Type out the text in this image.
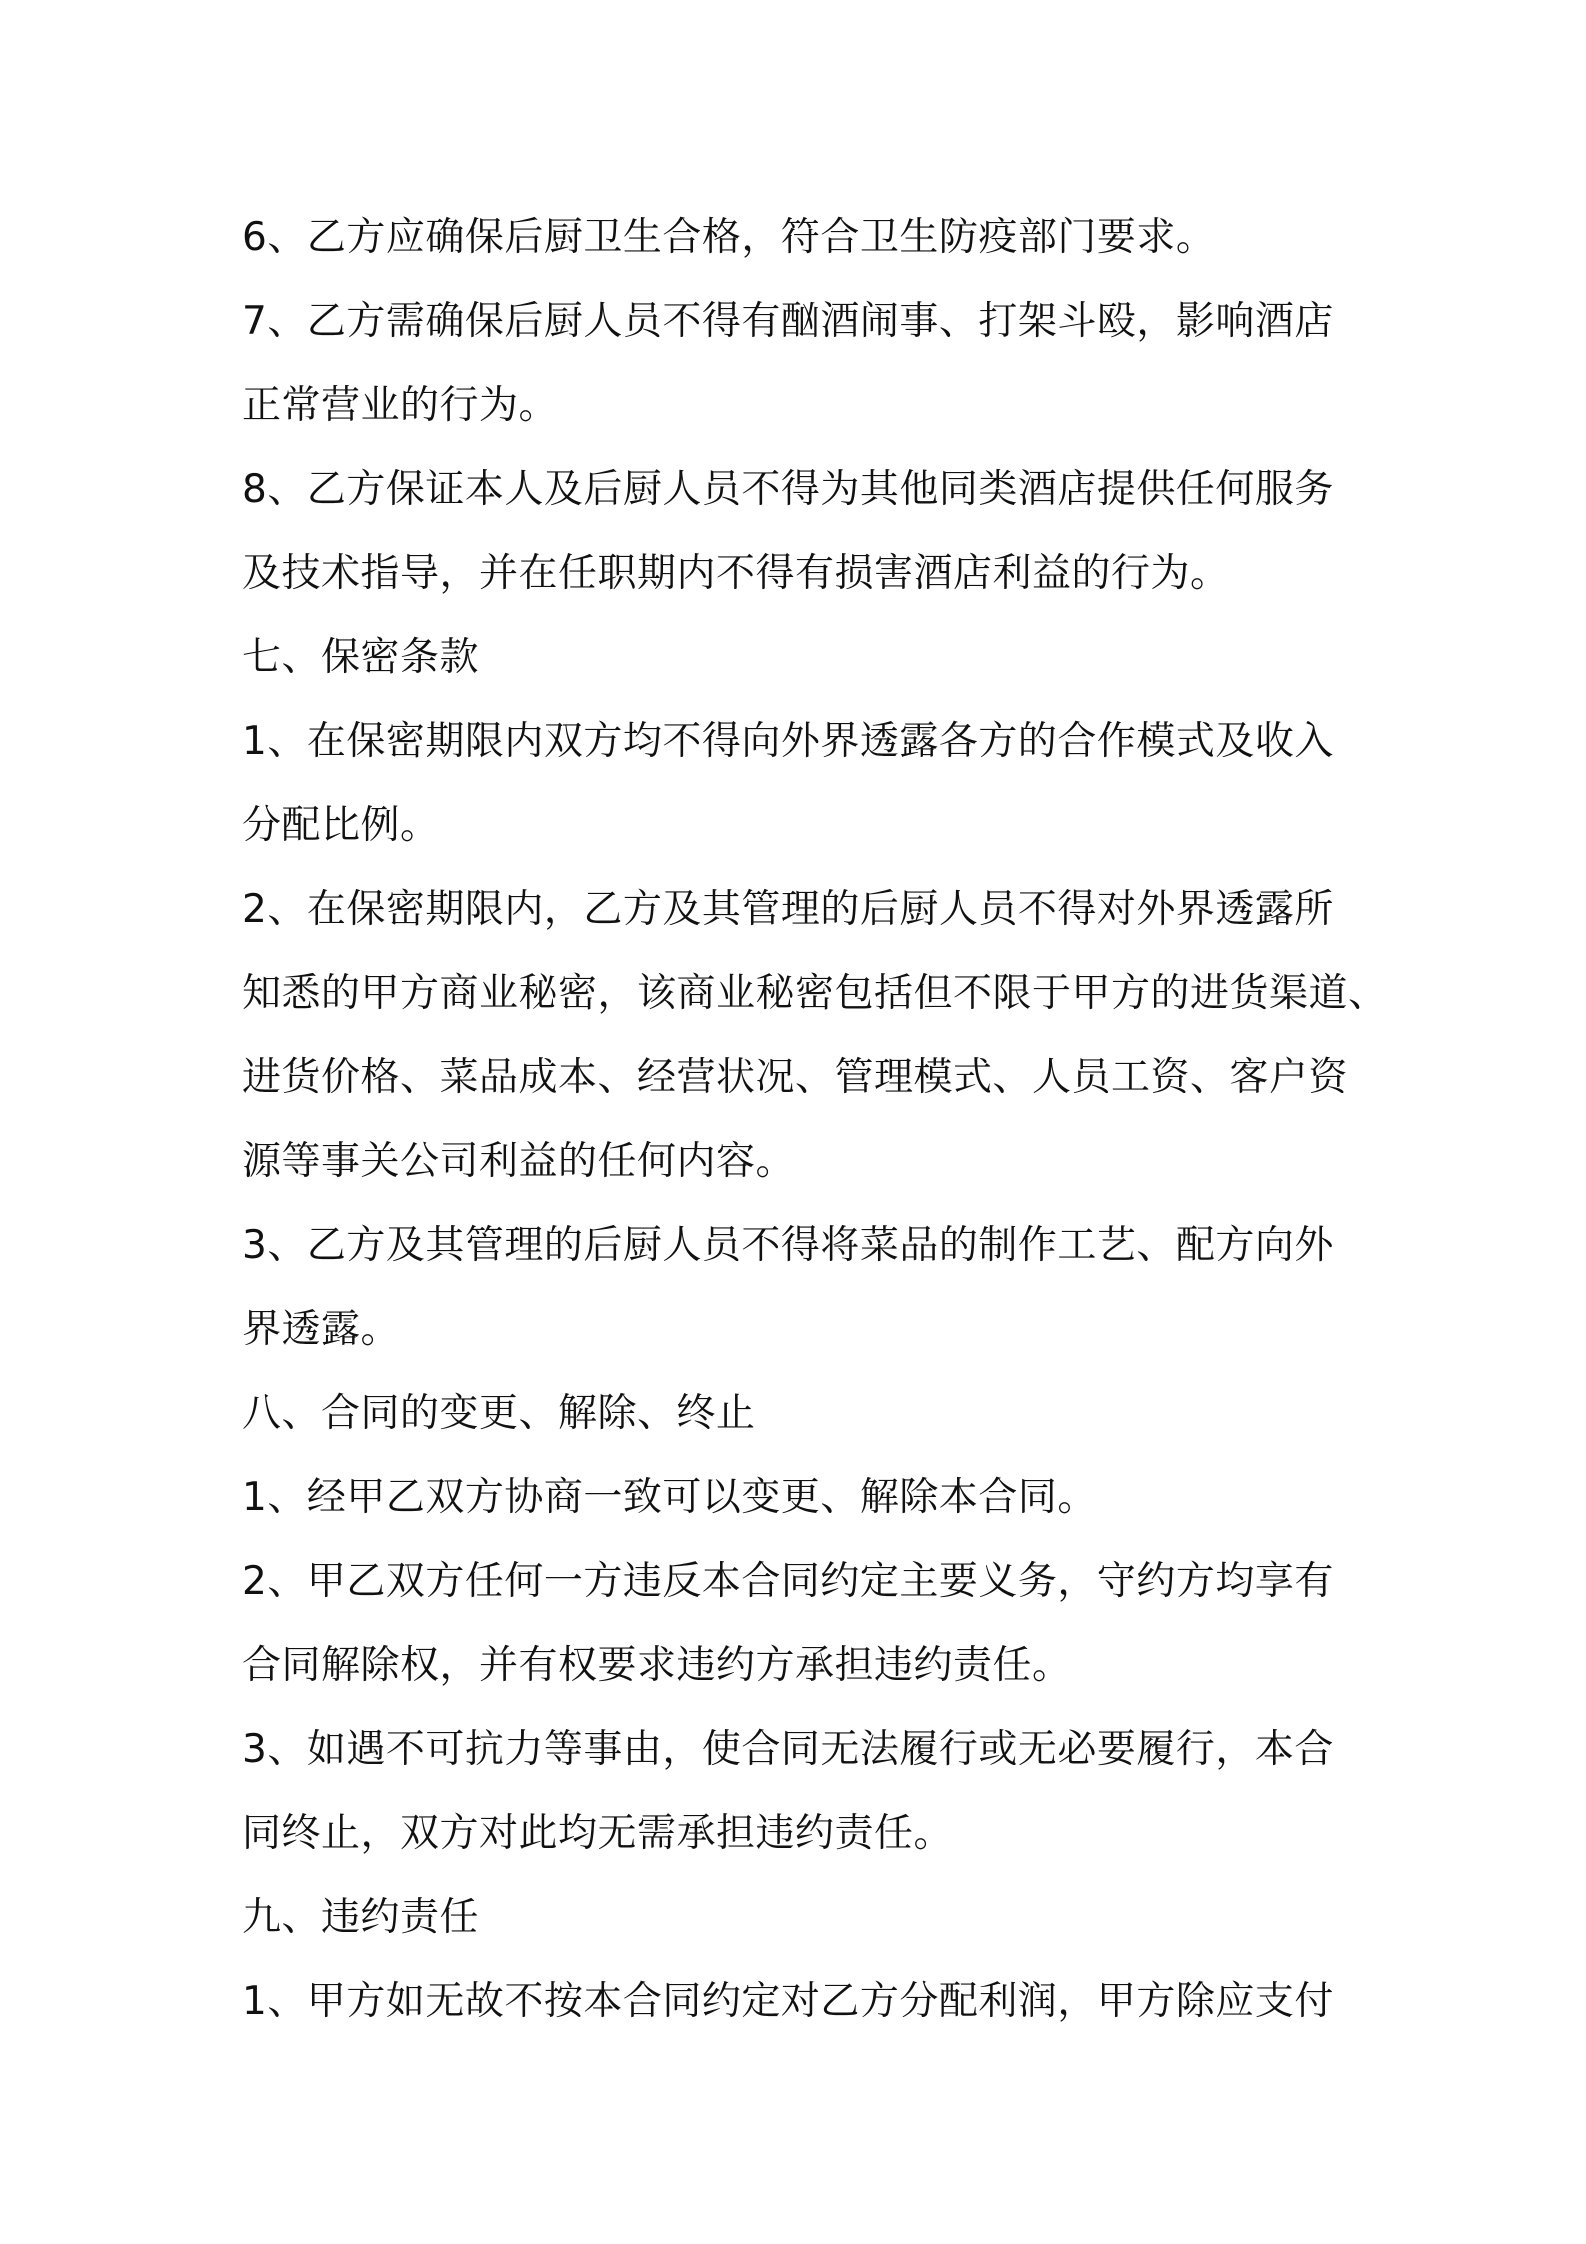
6、乙方应确保后厨卫生合格，符合卫生防疫部门要求。
7、乙方需确保后厨人员不得有酗酒闹事、打架斗殴，影响酒店
正常营业的行为。
8、乙方保证本人及后厨人员不得为其他同类酒店提供任何服务
及技术指导，并在任职期内不得有损害酒店利益的行为。
七、保密条款
1、在保密期限内双方均不得向外界透露各方的合作模式及收入
分配比例。
2、在保密期限内，乙方及其管理的后厨人员不得对外界透露所
知悉的甲方商业秘密，该商业秘密包括但不限于甲方的进货渠道、
进货价格、菜品成本、经营状况、管理模式、人员工资、客户资
源等事关公司利益的任何内容。
3、乙方及其管理的后厨人员不得将菜品的制作工艺、配方向外
界透露。
八、合同的变更、解除、终止
1、经甲乙双方协商一致可以变更、解除本合同。
2、甲乙双方任何一方违反本合同约定主要义务，守约方均享有
合同解除权，并有权要求违约方承担违约责任。
3、如遇不可抗力等事由，使合同无法履行或无必要履行，本合
同终止，双方对此均无需承担违约责任。
九、违约责任
1、甲方如无故不按本合同约定对乙方分配利润，甲方除应支付
